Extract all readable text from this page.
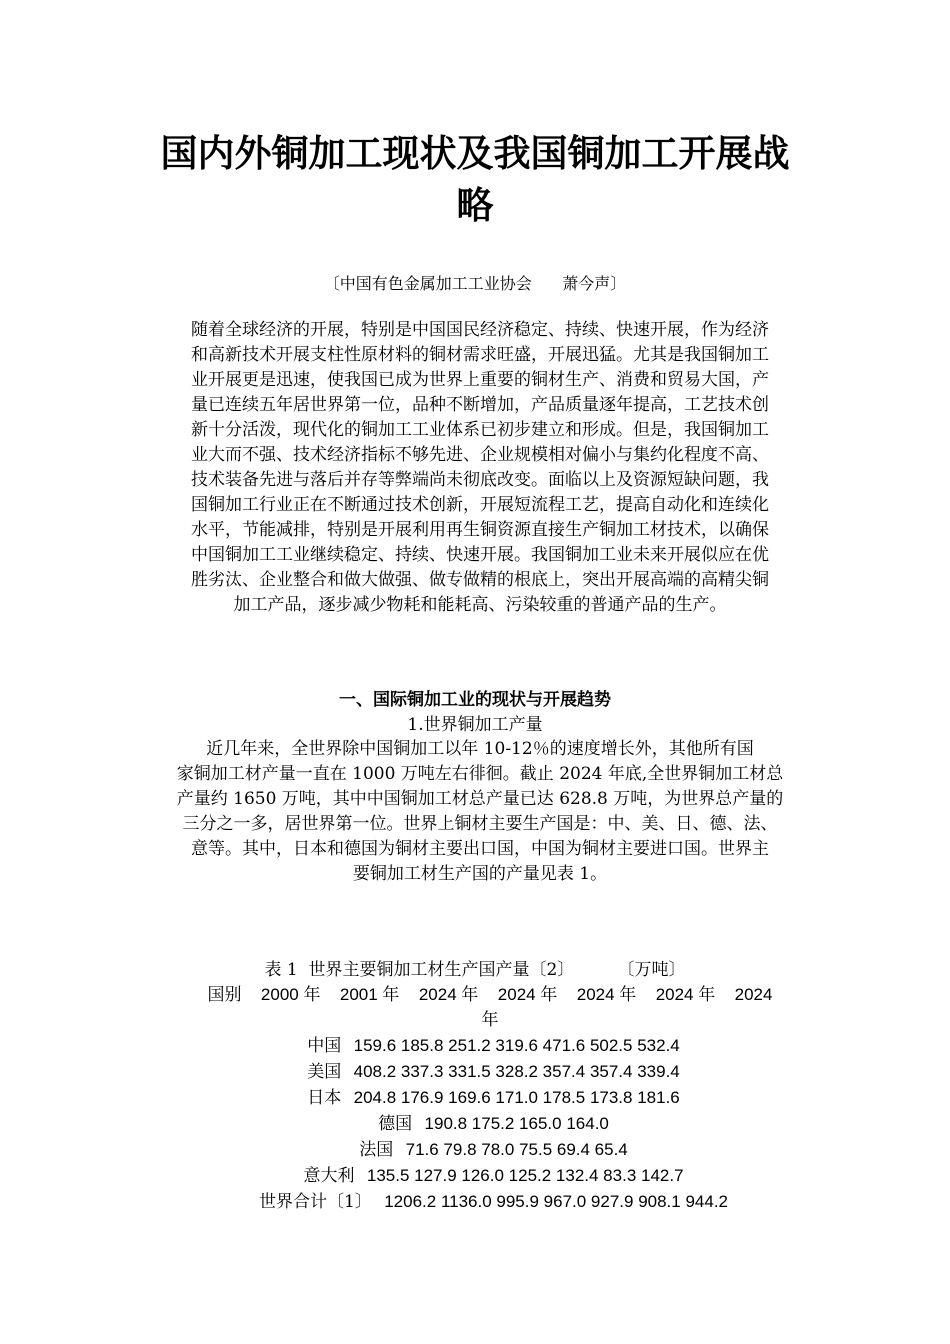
国内外铜加工现状及我国铜加工开展战
略
〔中国有色金属加工工业协会      萧今声〕
随着全球经济的开展，特别是中国国民经济稳定、持续、快速开展，作为经济
和高新技术开展支柱性原材料的铜材需求旺盛，开展迅猛。尤其是我国铜加工
业开展更是迅速，使我国已成为世界上重要的铜材生产、消费和贸易大国，产
量已连续五年居世界第一位，品种不断增加，产品质量逐年提高，工艺技术创
新十分活泼，现代化的铜加工工业体系已初步建立和形成。但是，我国铜加工
业大而不强、技术经济指标不够先进、企业规模相对偏小与集约化程度不高、
技术装备先进与落后并存等弊端尚未彻底改变。面临以上及资源短缺问题，我
国铜加工行业正在不断通过技术创新，开展短流程工艺，提高自动化和连续化
水平，节能减排，特别是开展利用再生铜资源直接生产铜加工材技术，以确保
中国铜加工工业继续稳定、持续、快速开展。我国铜加工业未来开展似应在优
胜劣汰、企业整合和做大做强、做专做精的根底上，突出开展高端的高精尖铜
加工产品，逐步减少物耗和能耗高、污染较重的普通产品的生产。
一、国际铜加工业的现状与开展趋势
1.世界铜加工产量
近几年来，全世界除中国铜加工以年 10-12％的速度增长外，其他所有国
家铜加工材产量一直在 1000 万吨左右徘徊。截止 2024 年底,全世界铜加工材总
产量约 1650 万吨，其中中国铜加工材总产量已达 628.8 万吨，为世界总产量的
三分之一多，居世界第一位。世界上铜材主要生产国是：中、美、日、德、法、
意等。其中，日本和德国为铜材主要出口国，中国为铜材主要进口国。世界主
要铜加工材生产国的产量见表 1。
表 1  世界主要铜加工材生产国产量〔2〕        〔万吨〕
国别 2000 年 2001 年 2024 年 2024 年 2024 年 2024 年 2024
年
中国 159.6 185.8 251.2 319.6 471.6 502.5 532.4
美国 408.2 337.3 331.5 328.2 357.4 357.4 339.4
日本 204.8 176.9 169.6 171.0 178.5 173.8 181.6
德国 190.8 175.2 165.0 164.0
法国 71.6 79.8 78.0 75.5 69.4 65.4
意大利 135.5 127.9 126.0 125.2 132.4 83.3 142.7
世界合计〔1〕 1206.2 1136.0 995.9 967.0 927.9 908.1 944.2
